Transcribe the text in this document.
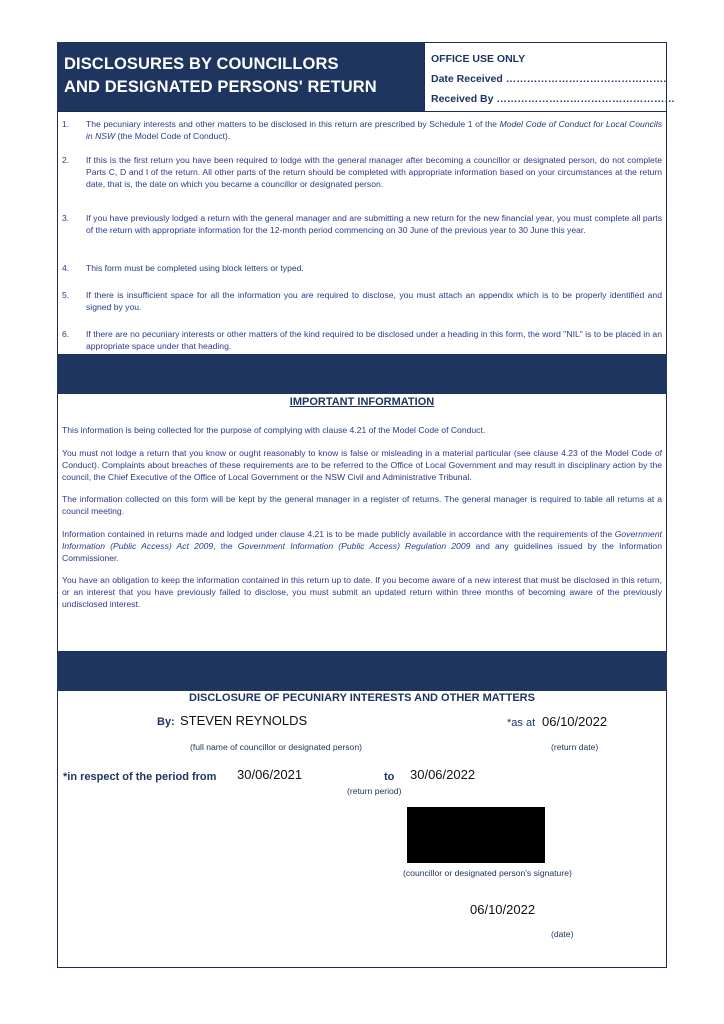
DISCLOSURES BY COUNCILLORS
AND DESIGNATED PERSONS' RETURN
OFFICE USE ONLY
Date Received ……………………………………….
Received By ……………………………………………
1. The pecuniary interests and other matters to be disclosed in this return are prescribed by Schedule 1 of the Model Code of Conduct for Local Councils in NSW (the Model Code of Conduct).
2. If this is the first return you have been required to lodge with the general manager after becoming a councillor or designated person, do not complete Parts C, D and I of the return. All other parts of the return should be completed with appropriate information based on your circumstances at the return date, that is, the date on which you became a councillor or designated person.
3. If you have previously lodged a return with the general manager and are submitting a new return for the new financial year, you must complete all parts of the return with appropriate information for the 12-month period commencing on 30 June of the previous year to 30 June this year.
4. This form must be completed using block letters or typed.
5. If there is insufficient space for all the information you are required to disclose, you must attach an appendix which is to be properly identified and signed by you.
6. If there are no pecuniary interests or other matters of the kind required to be disclosed under a heading in this form, the word "NIL" is to be placed in an appropriate space under that heading.
IMPORTANT INFORMATION

This information is being collected for the purpose of complying with clause 4.21 of the Model Code of Conduct.

You must not lodge a return that you know or ought reasonably to know is false or misleading in a material particular (see clause 4.23 of the Model Code of Conduct). Complaints about breaches of these requirements are to be referred to the Office of Local Government and may result in disciplinary action by the council, the Chief Executive of the Office of Local Government or the NSW Civil and Administrative Tribunal.

The information collected on this form will be kept by the general manager in a register of returns. The general manager is required to table all returns at a council meeting.

Information contained in returns made and lodged under clause 4.21 is to be made publicly available in accordance with the requirements of the Government Information (Public Access) Act 2009, the Government Information (Public Access) Regulation 2009 and any guidelines issued by the Information Commissioner.

You have an obligation to keep the information contained in this return up to date. If you become aware of a new interest that must be disclosed in this return, or an interest that you have previously failed to disclose, you must submit an updated return within three months of becoming aware of the previously undisclosed interest.

DISCLOSURE OF PECUNIARY INTERESTS AND OTHER MATTERS
By: STEVEN REYNOLDS
(full name of councillor or designated person)
*as at 06/10/2022
(return date)
*in respect of the period from 30/06/2021	to 30/06/2022
(return period)
(councillor or designated person's signature)
06/10/2022
(date)
